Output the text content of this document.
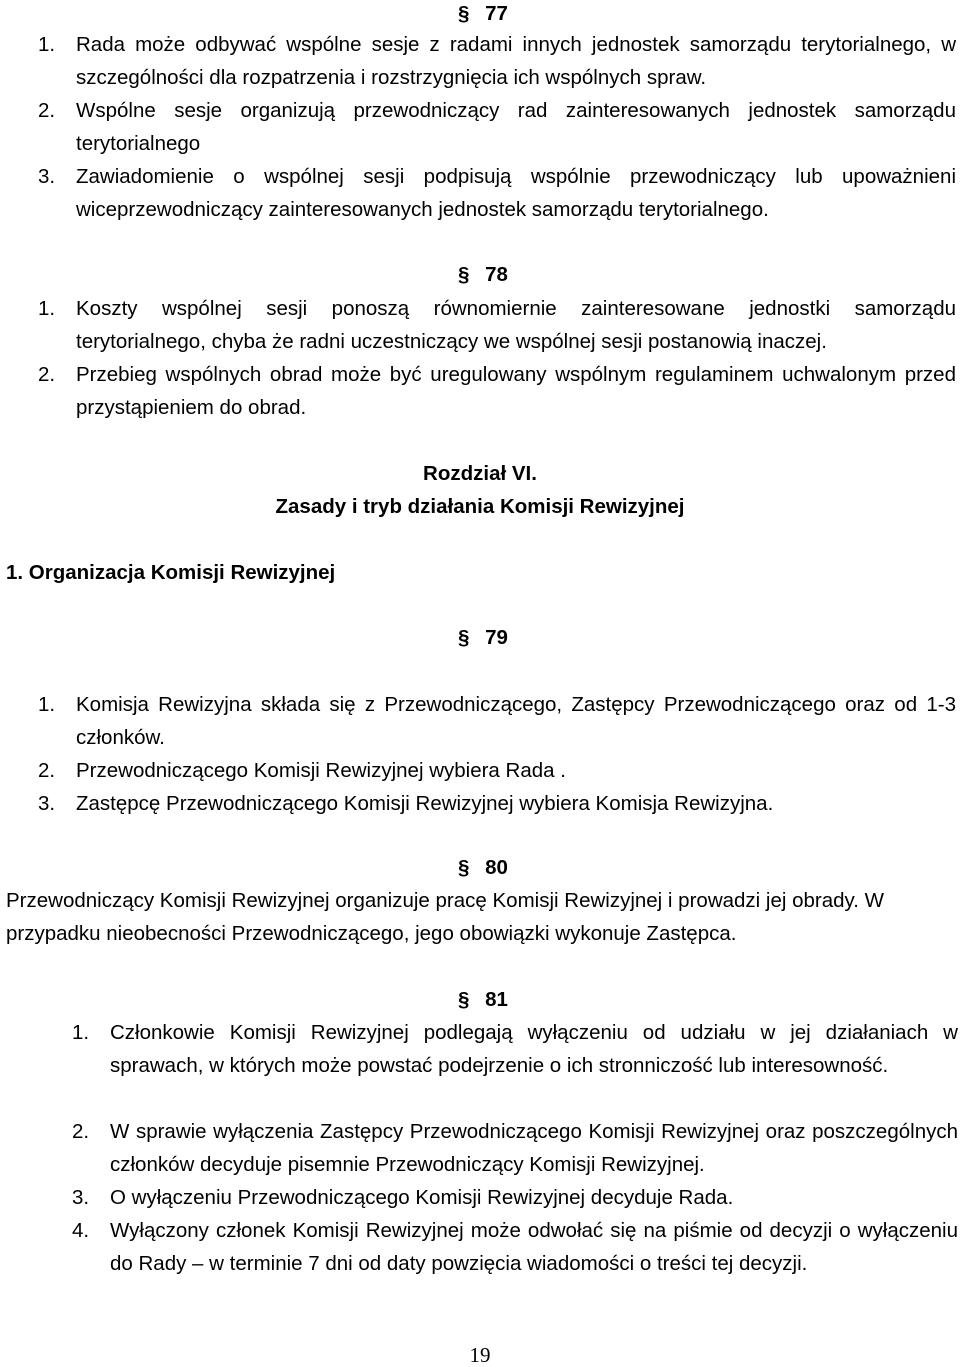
§ 77
1. Rada może odbywać wspólne sesje z radami innych jednostek samorządu terytorialnego, w szczególności dla rozpatrzenia i rozstrzygnięcia ich wspólnych spraw.
2. Wspólne sesje organizują przewodniczący rad zainteresowanych jednostek samorządu terytorialnego
3. Zawiadomienie o wspólnej sesji podpisują wspólnie przewodniczący lub upoważnieni wiceprzewodniczący zainteresowanych jednostek samorządu terytorialnego.
§ 78
1. Koszty wspólnej sesji ponoszą równomiernie zainteresowane jednostki samorządu terytorialnego, chyba że radni uczestniczący we wspólnej sesji postanowią inaczej.
2. Przebieg wspólnych obrad może być uregulowany wspólnym regulaminem uchwalonym przed przystąpieniem do obrad.
Rozdział VI.
Zasady i tryb działania Komisji Rewizyjnej
1. Organizacja Komisji Rewizyjnej
§ 79
1. Komisja Rewizyjna składa się z Przewodniczącego, Zastępcy Przewodniczącego oraz od 1-3 członków.
2. Przewodniczącego Komisji Rewizyjnej wybiera Rada .
3. Zastępcę Przewodniczącego Komisji Rewizyjnej wybiera Komisja Rewizyjna.
§ 80
Przewodniczący Komisji Rewizyjnej organizuje pracę Komisji Rewizyjnej i prowadzi jej obrady. W przypadku nieobecności Przewodniczącego, jego obowiązki wykonuje Zastępca.
§ 81
1. Członkowie Komisji Rewizyjnej podlegają wyłączeniu od udziału w jej działaniach w sprawach, w których może powstać podejrzenie o ich stronniczość lub interesowność.
2. W sprawie wyłączenia Zastępcy Przewodniczącego Komisji Rewizyjnej oraz poszczególnych członków decyduje pisemnie Przewodniczący Komisji Rewizyjnej.
3. O wyłączeniu Przewodniczącego Komisji Rewizyjnej decyduje Rada.
4. Wyłączony członek Komisji Rewizyjnej może odwołać się na piśmie od decyzji o wyłączeniu do Rady – w terminie 7 dni od daty powzięcia wiadomości o treści tej decyzji.
19
